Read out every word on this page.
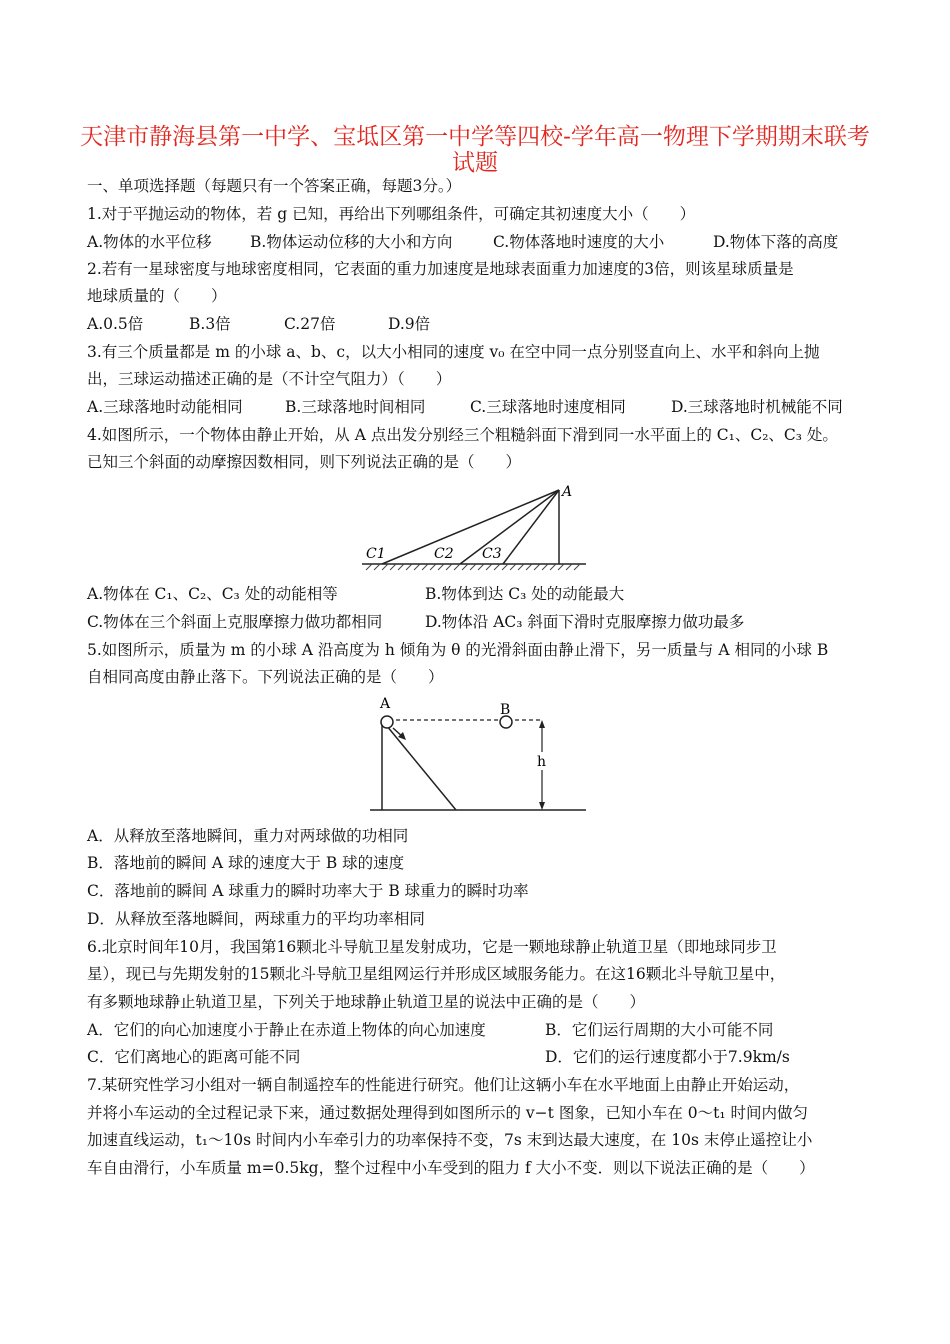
天津市静海县第一中学、宝坻区第一中学等四校-学年高一物理下学期期末联考
试题
一、单项选择题（每题只有一个答案正确，每题3分。）
1.对于平抛运动的物体，若 g 已知，再给出下列哪组条件，可确定其初速度大小（　　）
A.物体的水平位移 B.物体运动位移的大小和方向	C.物体落地时速度的大小	D.物体下落的高度
2.若有一星球密度与地球密度相同，它表面的重力加速度是地球表面重力加速度的3倍，则该星球质量是
地球质量的（　　）
A.0.5倍	B.3倍	C.27倍	D.9倍
3.有三个质量都是 m 的小球 a、b、c，以大小相同的速度 v₀ 在空中同一点分别竖直向上、水平和斜向上抛
出，三球运动描述正确的是（不计空气阻力）（　　）
A.三球落地时动能相同	B.三球落地时间相同	C.三球落地时速度相同	D.三球落地时机械能不同
4.如图所示，一个物体由静止开始，从 A 点出发分别经三个粗糙斜面下滑到同一水平面上的 C₁、C₂、C₃ 处。
已知三个斜面的动摩擦因数相同，则下列说法正确的是（　　）
A
C1	C2 C3
A.物体在 C₁、C₂、C₃ 处的动能相等	B.物体到达 C₃ 处的动能最大
C.物体在三个斜面上克服摩擦力做功都相同	D.物体沿 AC₃ 斜面下滑时克服摩擦力做功最多
5.如图所示，质量为 m 的小球 A 沿高度为 h 倾角为 θ 的光滑斜面由静止滑下，另一质量与 A 相同的小球 B
自相同高度由静止落下。下列说法正确的是（　　）
A	B
h
A．从释放至落地瞬间，重力对两球做的功相同
B．落地前的瞬间 A 球的速度大于 B 球的速度
C．落地前的瞬间 A 球重力的瞬时功率大于 B 球重力的瞬时功率
D．从释放至落地瞬间，两球重力的平均功率相同
6.北京时间年10月，我国第16颗北斗导航卫星发射成功，它是一颗地球静止轨道卫星（即地球同步卫
星），现已与先期发射的15颗北斗导航卫星组网运行并形成区域服务能力。在这16颗北斗导航卫星中，
有多颗地球静止轨道卫星，下列关于地球静止轨道卫星的说法中正确的是（　　）
A．它们的向心加速度小于静止在赤道上物体的向心加速度	B．它们运行周期的大小可能不同
C．它们离地心的距离可能不同	D．它们的运行速度都小于7.9km/s
7.某研究性学习小组对一辆自制遥控车的性能进行研究。他们让这辆小车在水平地面上由静止开始运动，
并将小车运动的全过程记录下来，通过数据处理得到如图所示的 v−t 图象，已知小车在 0～t₁ 时间内做匀
加速直线运动，t₁～10s 时间内小车牵引力的功率保持不变，7s 末到达最大速度，在 10s 末停止遥控让小
车自由滑行，小车质量 m=0.5kg，整个过程中小车受到的阻力 f 大小不变．则以下说法正确的是（　　）
